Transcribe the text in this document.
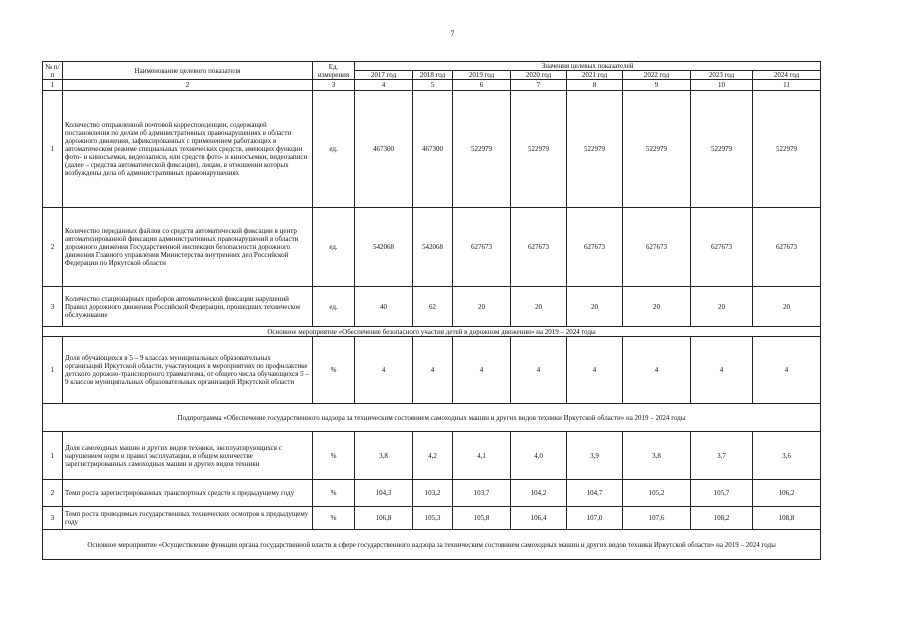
7
№ п/п	Наименование целевого показателя	Ед. измерения	Значения целевых показателей							
			2017 год	2018 год	2019 год	2020 год	2021 год	2022 год	2023 год	2024 год
1	2	3	4	5	6	7	8	9	10	11
1	Количество отправленной почтовой корреспонденции, содержащей постановления по делам об административных правонарушениях в области дорожного движения, зафиксированных с применением работающих в автоматическом режиме специальных технических средств, имеющих функции фото- и киносъемки, видеозаписи, или средств фото- и киносъемки, видеозаписи (далее – средства автоматической фиксации), лицам, в отношении которых возбуждены дела об административных правонарушениях	ед.	467300	467300	522979	522979	522979	522979	522979	522979
2	Количество переданных файлов со средств автоматической фиксации в центр автоматизированной фиксации административных правонарушений в области дорожного движения Государственной инспекции безопасности дорожного движения Главного управления Министерства внутренних дел Российской Федерации по Иркутской области	ед.	542068	542068	627673	627673	627673	627673	627673	627673
3	Количество стационарных приборов автоматической фиксации нарушений Правил дорожного движения Российской Федерации, прошедших техническое обслуживание	ед.	40	62	20	20	20	20	20	20
Основное мероприятие «Обеспечение безопасного участия детей в дорожном движении» на 2019 – 2024 годы										
1	Доля обучающихся в 5 – 9 классах муниципальных образовательных организаций Иркутской области, участвующих в мероприятиях по профилактике детского дорожно-транспортного травматизма, от общего числа обучающихся 5 – 9 классов муниципальных образовательных организаций Иркутской области	%	4	4	4	4	4	4	4	4
Подпрограмма «Обеспечение государственного надзора за техническим состоянием самоходных машин и других видов техники Иркутской области» на 2019 – 2024 годы										
1	Доля самоходных машин и других видов техники, эксплуатирующихся с нарушением норм и правил эксплуатации, в общем количестве зарегистрированных самоходных машин и других видов техники	%	3,8	4,2	4,1	4,0	3,9	3,8	3,7	3,6
2	Темп роста зарегистрированных транспортных средств к предыдущему году	%	104,3	103,2	103,7	104,2	104,7	105,2	105,7	106,2
3	Темп роста проводимых государственных технических осмотров к предыдущему году	%	106,8	105,3	105,8	106,4	107,0	107,6	108,2	108,8
Основное мероприятие «Осуществление функции органа государственной власти в сфере государственного надзора за техническим состоянием самоходных машин и других видов техники Иркутской области» на 2019 – 2024 годы										
